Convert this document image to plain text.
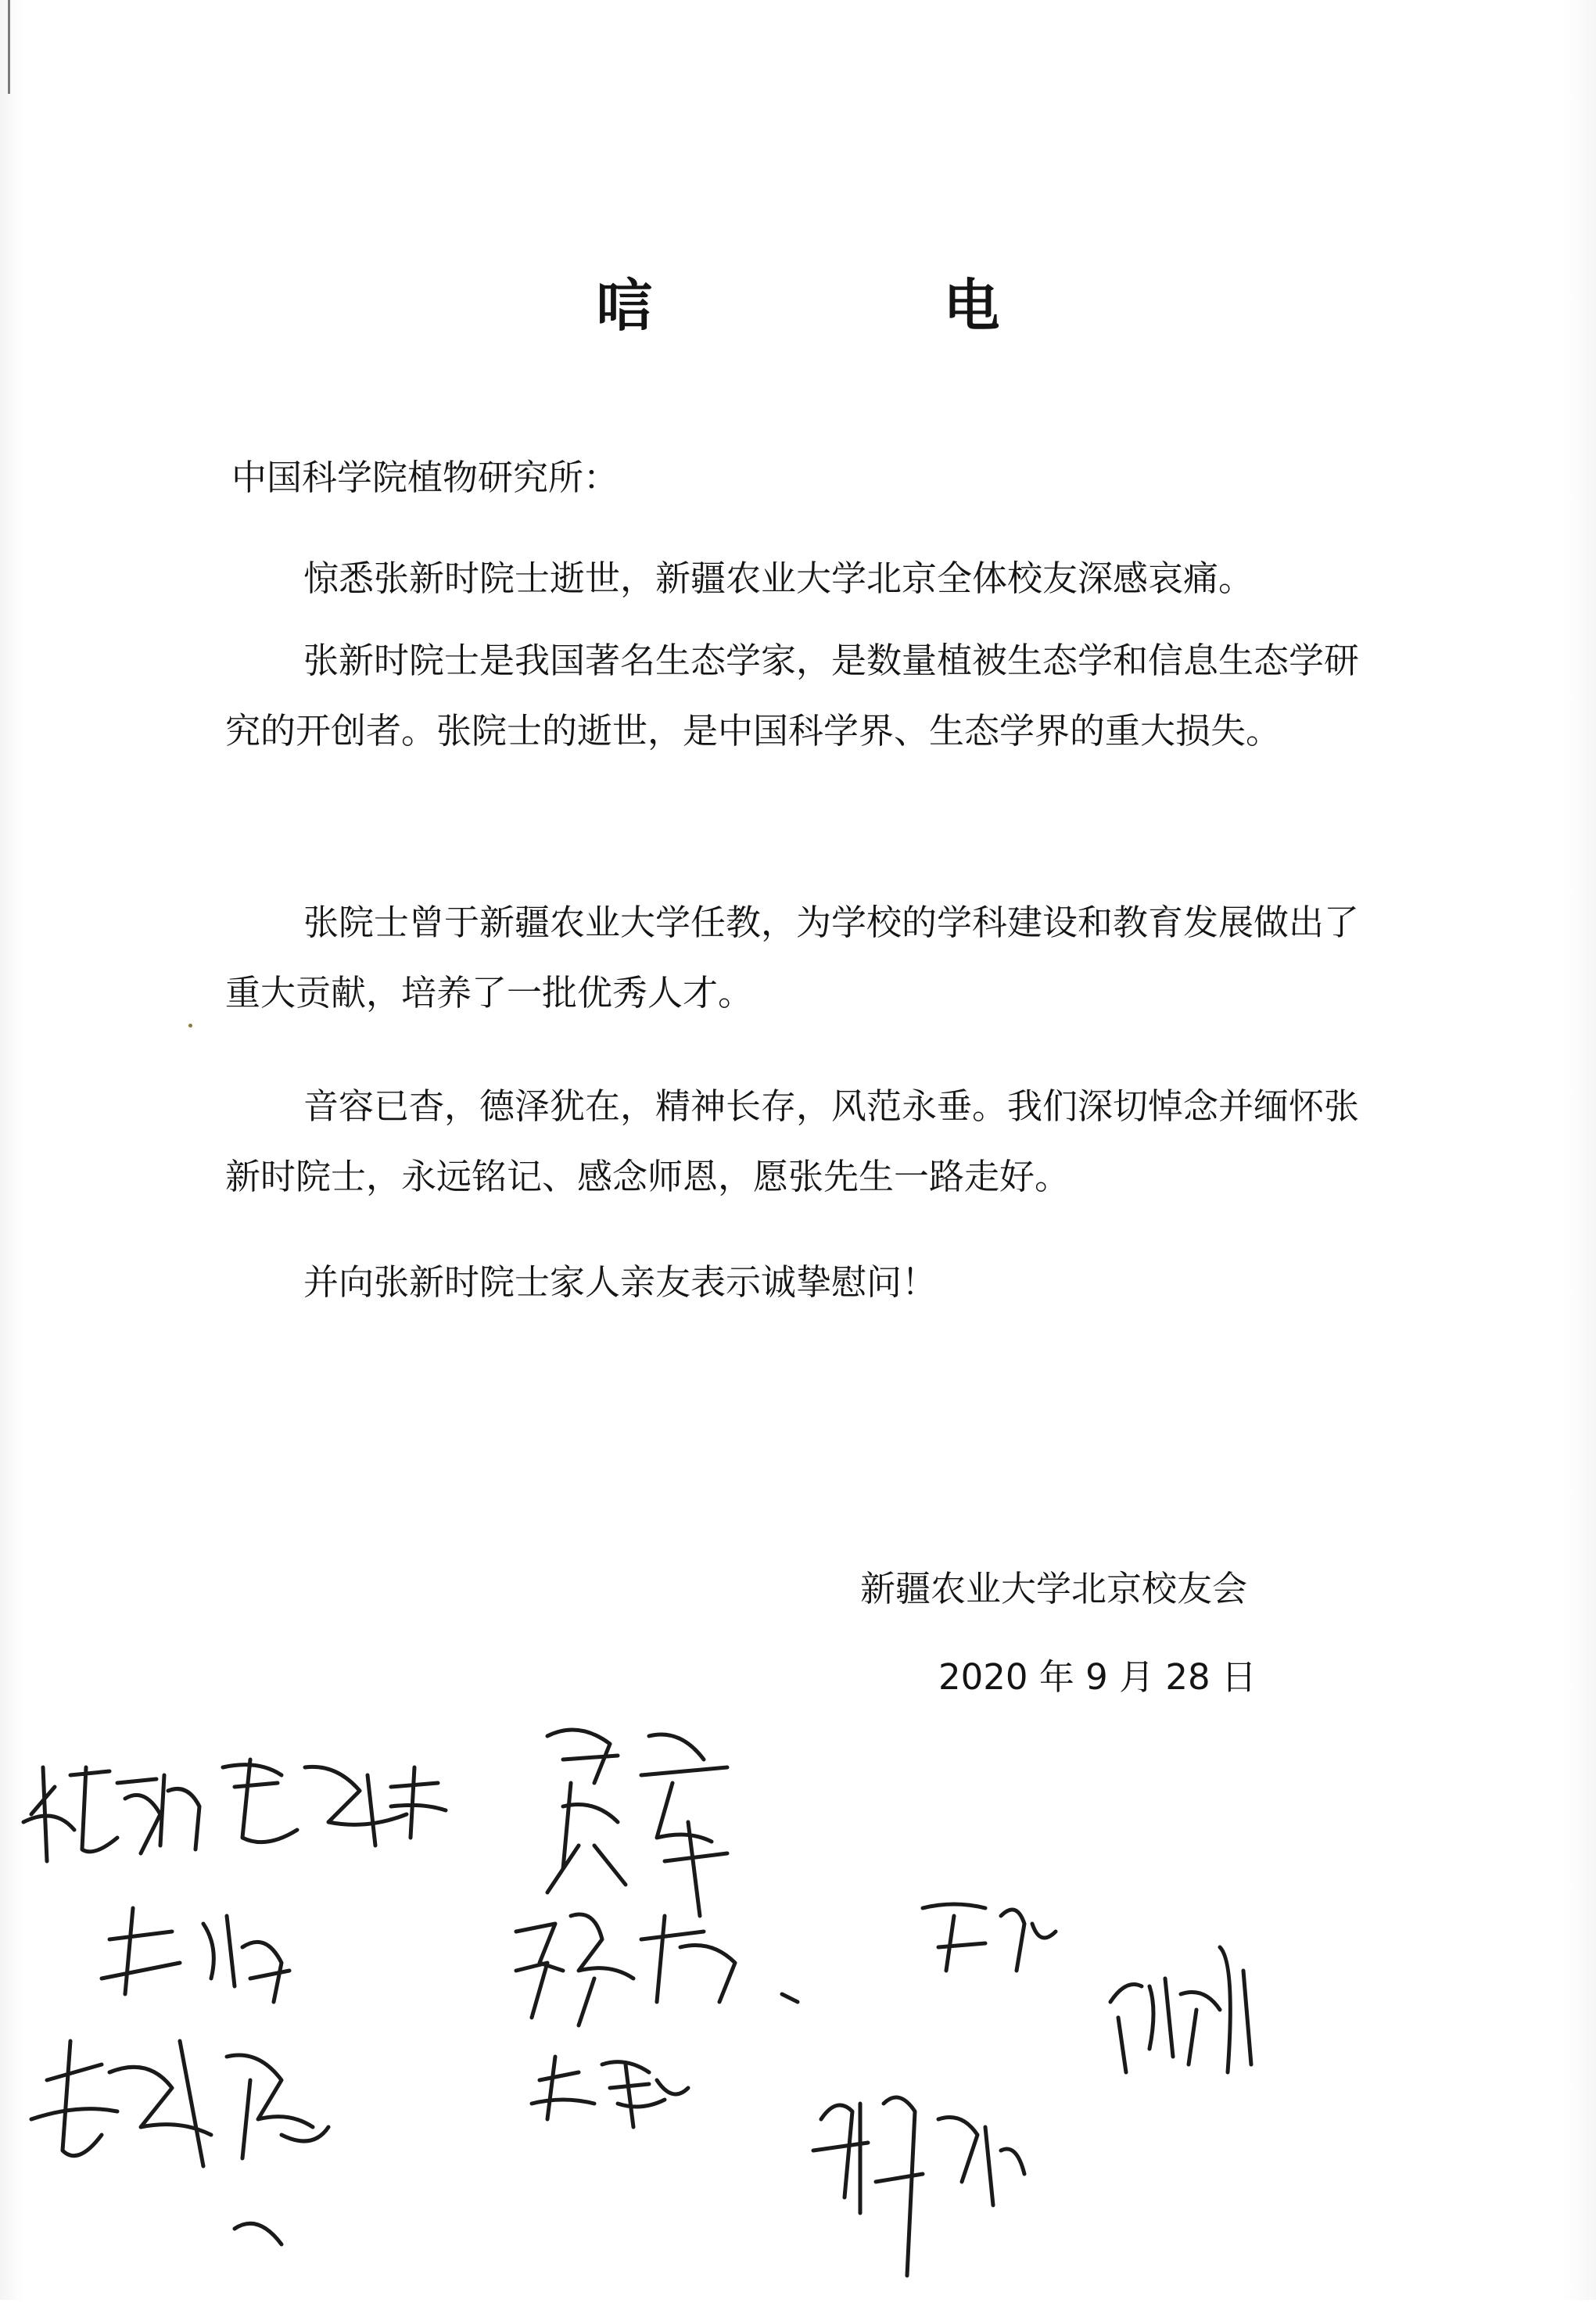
唁　电
中国科学院植物研究所：

惊悉张新时院士逝世，新疆农业大学北京全体校友深感哀痛。

张新时院士是我国著名生态学家，是数量植被生态学和信息生态学研究的开创者。张院士的逝世，是中国科学界、生态学界的重大损失。

张院士曾于新疆农业大学任教，为学校的学科建设和教育发展做出了重大贡献，培养了一批优秀人才。

音容已杳，德泽犹在，精神长存，风范永垂。我们深切悼念并缅怀张新时院士，永远铭记、感念师恩，愿张先生一路走好。

并向张新时院士家人亲友表示诚挚慰问！

新疆农业大学北京校友会
2020 年 9 月 28 日
